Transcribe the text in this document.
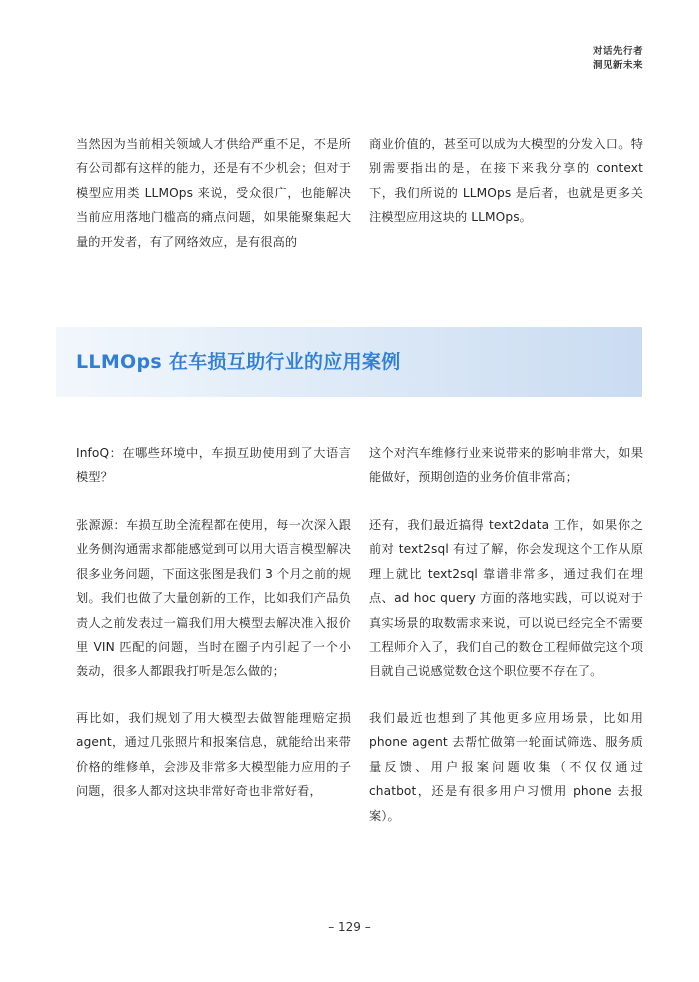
对话先行者
洞见新未来

当然因为当前相关领域人才供给严重不足，不是所有公司都有这样的能力，还是有不少机会；但对于模型应用类 LLMOps 来说，受众很广，也能解决当前应用落地门槛高的痛点问题，如果能聚集起大量的开发者，有了网络效应，是有很高的

商业价值的，甚至可以成为大模型的分发入口。特别需要指出的是，在接下来我分享的 context 下，我们所说的 LLMOps 是后者，也就是更多关注模型应用这块的 LLMOps。

LLMOps 在车损互助行业的应用案例

InfoQ：在哪些环境中，车损互助使用到了大语言模型？

这个对汽车维修行业来说带来的影响非常大，如果能做好，预期创造的业务价值非常高；

张源源：车损互助全流程都在使用，每一次深入跟业务侧沟通需求都能感觉到可以用大语言模型解决很多业务问题，下面这张图是我们 3 个月之前的规划。我们也做了大量创新的工作，比如我们产品负责人之前发表过一篇我们用大模型去解决准入报价里 VIN 匹配的问题，当时在圈子内引起了一个小轰动，很多人都跟我打听是怎么做的；

还有，我们最近搞得 text2data 工作，如果你之前对 text2sql 有过了解，你会发现这个工作从原理上就比 text2sql 靠谱非常多，通过我们在埋点、ad hoc query 方面的落地实践，可以说对于真实场景的取数需求来说，可以说已经完全不需要工程师介入了，我们自己的数仓工程师做完这个项目就自己说感觉数仓这个职位要不存在了。

再比如，我们规划了用大模型去做智能理赔定损 agent，通过几张照片和报案信息，就能给出来带价格的维修单，会涉及非常多大模型能力应用的子问题，很多人都对这块非常好奇也非常好看，

我们最近也想到了其他更多应用场景，比如用 phone agent 去帮忙做第一轮面试筛选、服务质量反馈、用户报案问题收集（不仅仅通过 chatbot，还是有很多用户习惯用 phone 去报案）。

– 129 –
